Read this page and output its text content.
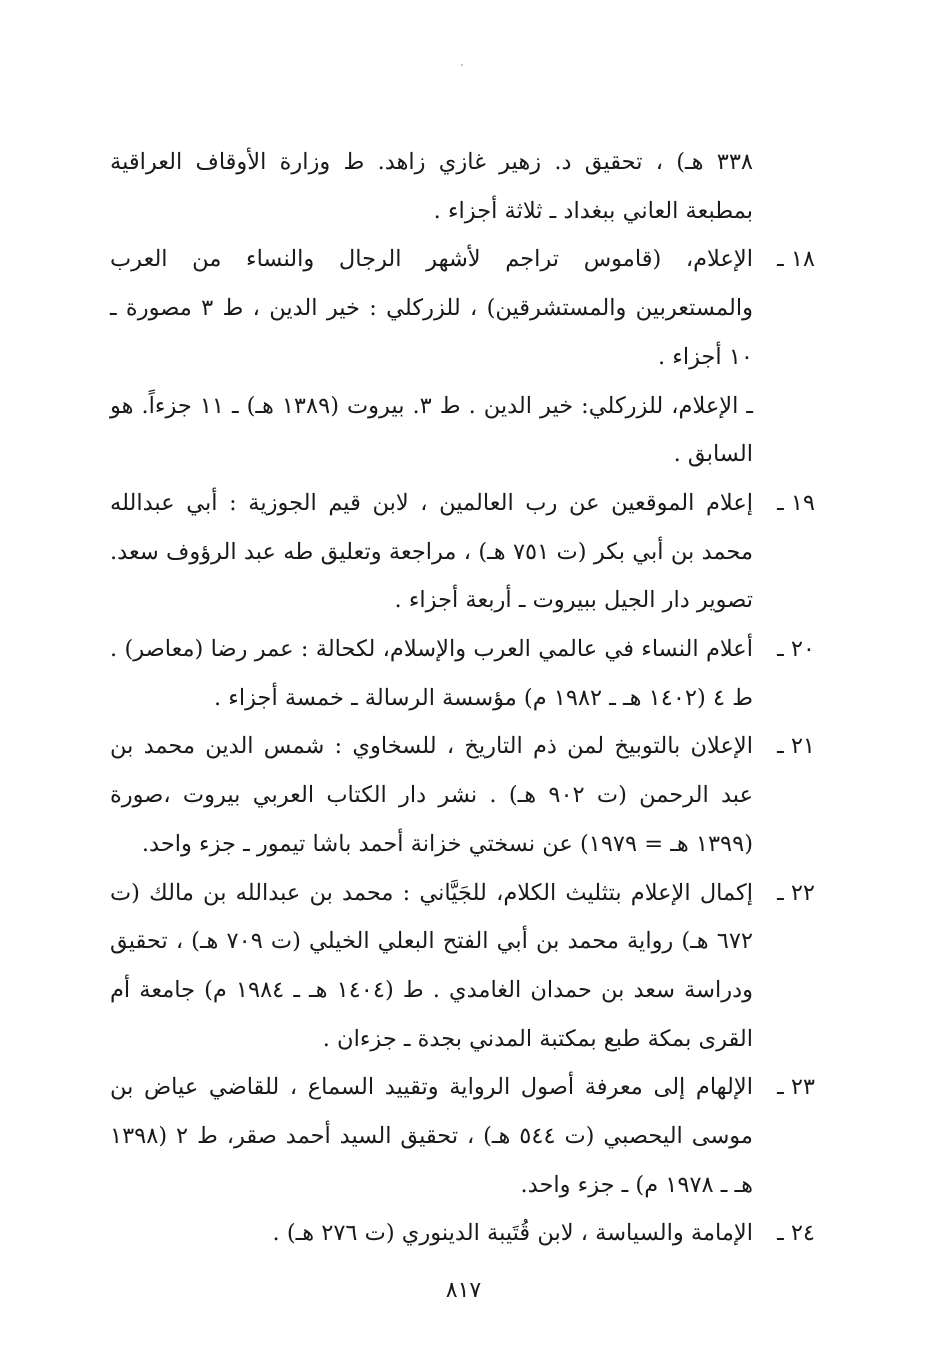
٣٣٨ هـ) ، تحقيق د. زهير غازي زاهد. ط وزارة الأوقاف العراقية بمطبعة العاني ببغداد ـ ثلاثة أجزاء .

١٨ ـ
الإعلام، (قاموس تراجم لأشهر الرجال والنساء من العرب والمستعربين والمستشرقين) ، للزركلي : خير الدين ، ط ٣ مصورة ـ ١٠ أجزاء .

ـ الإعلام، للزركلي: خير الدين . ط ٣. بيروت (١٣٨٩ هـ) ـ ١١ جزءاً. هو السابق .

١٩ ـ
إعلام الموقعين عن رب العالمين ، لابن قيم الجوزية : أبي عبدالله محمد بن أبي بكر (ت ٧٥١ هـ) ، مراجعة وتعليق طه عبد الرؤوف سعد. تصوير دار الجيل ببيروت ـ أربعة أجزاء .

٢٠ ـ
أعلام النساء في عالمي العرب والإسلام، لكحالة : عمر رضا (معاصر) . ط ٤ (١٤٠٢ هـ ـ ١٩٨٢ م) مؤسسة الرسالة ـ خمسة أجزاء .

٢١ ـ
الإعلان بالتوبيخ لمن ذم التاريخ ، للسخاوي : شمس الدين محمد بن عبد الرحمن (ت ٩٠٢ هـ) . نشر دار الكتاب العربي بيروت ،صورة (١٣٩٩ هـ = ١٩٧٩) عن نسختي خزانة أحمد باشا تيمور ـ جزء واحد.

٢٢ ـ
إكمال الإعلام بتثليث الكلام، للجَيَّاني : محمد بن عبدالله بن مالك (ت ٦٧٢ هـ) رواية محمد بن أبي الفتح البعلي الخيلي (ت ٧٠٩ هـ) ، تحقيق ودراسة سعد بن حمدان الغامدي . ط (١٤٠٤ هـ ـ ١٩٨٤ م) جامعة أم القرى بمكة طبع بمكتبة المدني بجدة ـ جزءان .

٢٣ ـ
الإلهام إلى معرفة أصول الرواية وتقييد السماع ، للقاضي عياض بن موسى اليحصبي (ت ٥٤٤ هـ) ، تحقيق السيد أحمد صقر، ط ٢ (١٣٩٨ هـ ـ ١٩٧٨ م) ـ جزء واحد.

٢٤ ـ
الإمامة والسياسة ، لابن قُتَيبة الدينوري (ت ٢٧٦ هـ) .

٨١٧
